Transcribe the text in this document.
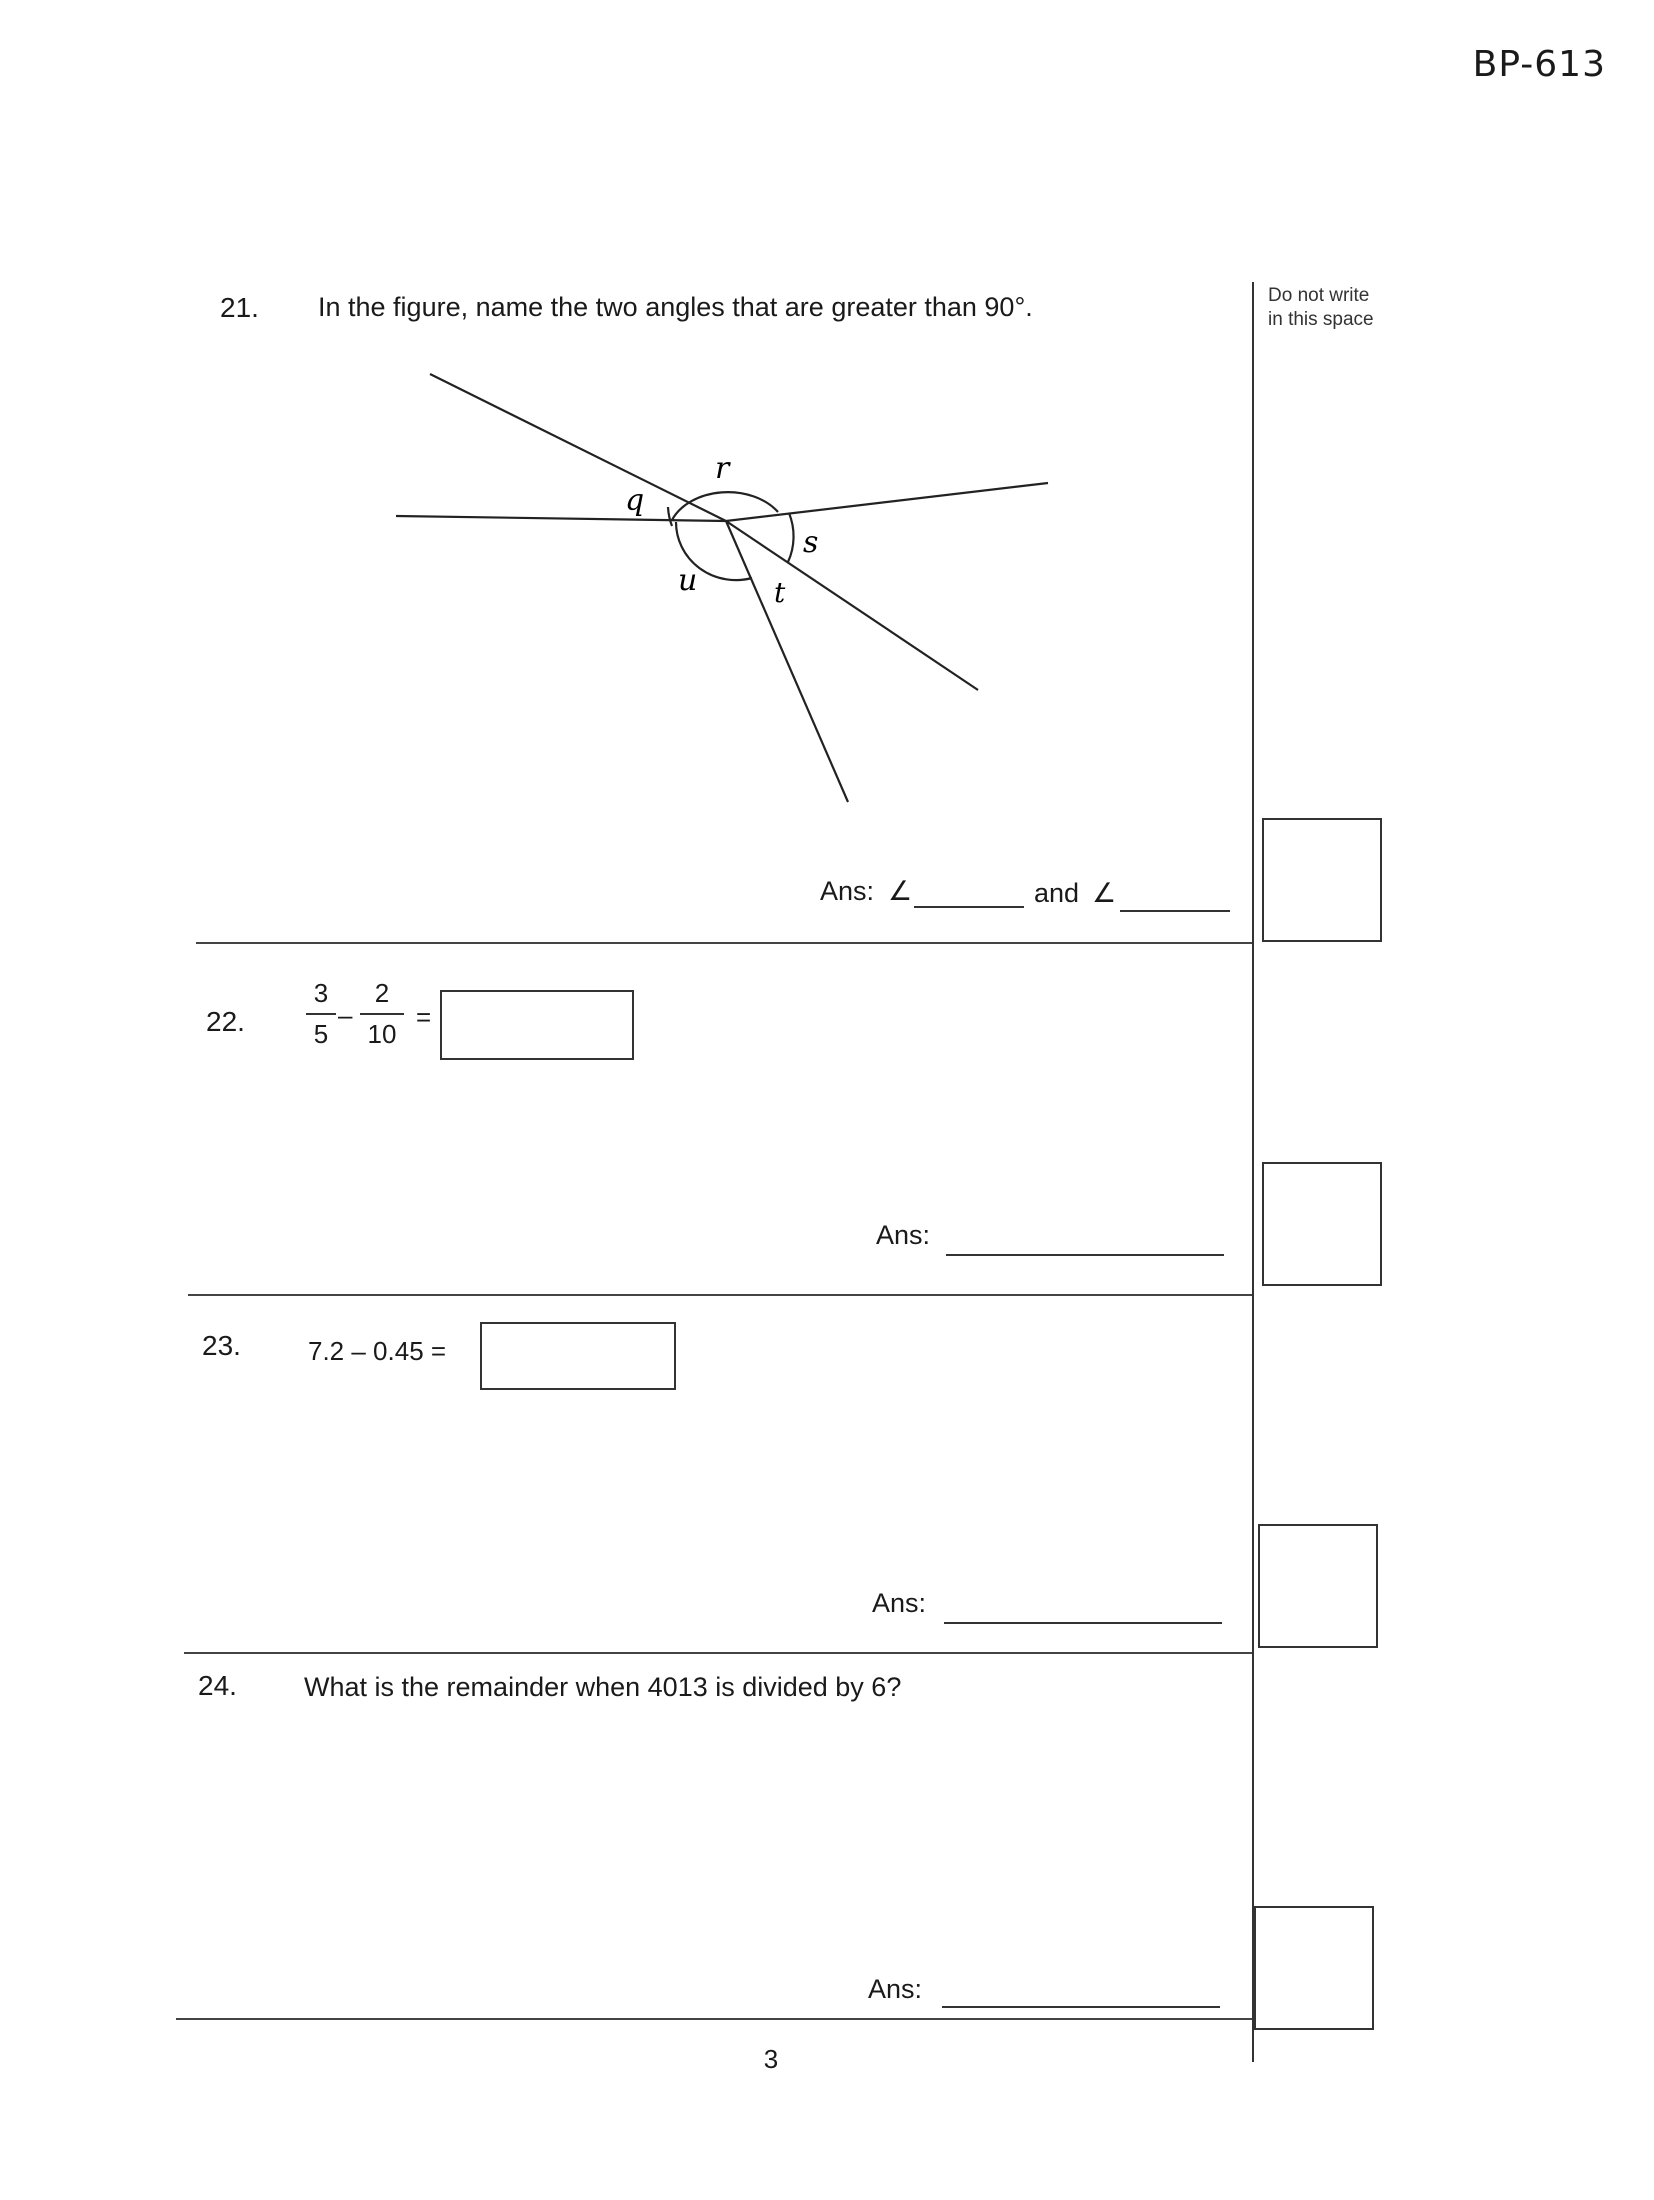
BP-613
Do not write
in this space
21. In the figure, name the two angles that are greater than 90°.
q
r
s
t
u
Ans: ∠	and ∠
22.
3
5
–
2
10
=
Ans:
23.	7.2 – 0.45 =
Ans:
24. What is the remainder when 4013 is divided by 6?
Ans:
3
